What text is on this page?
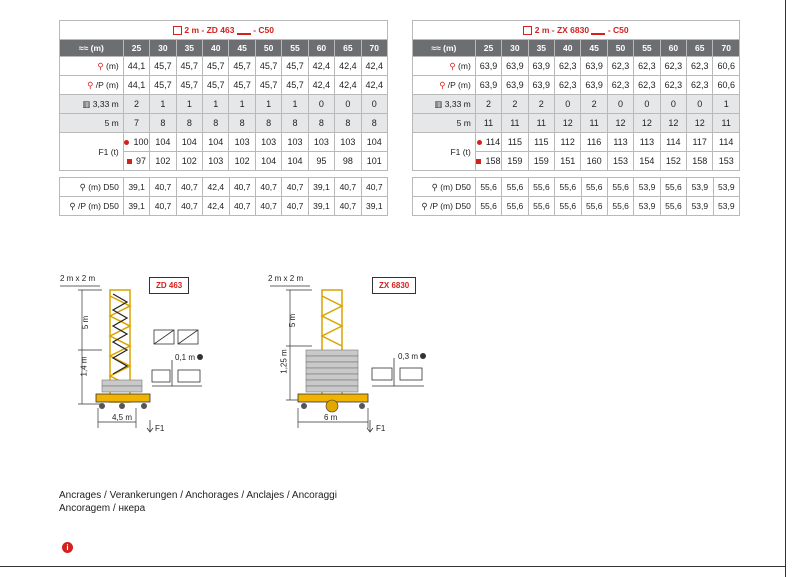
2 m - ZD 463 - C50										
≈≈ (m)	25	30	35	40	45	50	55	60	65	70
⚲ (m)	44,1	45,7	45,7	45,7	45,7	45,7	45,7	42,4	42,4	42,4
⚲ /P (m)	44,1	45,7	45,7	45,7	45,7	45,7	45,7	42,4	42,4	42,4
▥ 3,33 m	2	1	1	1	1	1	1	0	0	0
5 m	7	8	8	8	8	8	8	8	8	8
F1 (t)	100	104	104	104	103	103	103	103	103	104
	97	102	102	103	102	104	104	95	98	101
⚲ (m) D50	39,1	40,7	40,7	42,4	40,7	40,7	40,7	39,1	40,7	40,7
⚲ /P (m) D50	39,1	40,7	40,7	42,4	40,7	40,7	40,7	39,1	40,7	39,1
2 m - ZX 6830 - C50										
≈≈ (m)	25	30	35	40	45	50	55	60	65	70
⚲ (m)	63,9	63,9	63,9	62,3	63,9	62,3	62,3	62,3	62,3	60,6
⚲ /P (m)	63,9	63,9	63,9	62,3	63,9	62,3	62,3	62,3	62,3	60,6
▥ 3,33 m	2	2	2	0	2	0	0	0	0	1
5 m	11	11	11	12	11	12	12	12	12	11
F1 (t)	114	115	115	112	116	113	113	114	117	114
	158	159	159	151	160	153	154	152	158	153
⚲ (m) D50	55,6	55,6	55,6	55,6	55,6	55,6	53,9	55,6	53,9	53,9
⚲ /P (m) D50	55,6	55,6	55,6	55,6	55,6	55,6	53,9	55,6	53,9	53,9
2 m x 2 m
ZD 463
5 m
1,4 m	0,1 m
4,5 m
F1
2 m x 2 m
ZX 6830
5 m
1,25 m	0,3 m
6 m
F1
Ancrages / Verankerungen / Anchorages / Anclajes / Ancoraggi
Ancoragem / нкера
i
